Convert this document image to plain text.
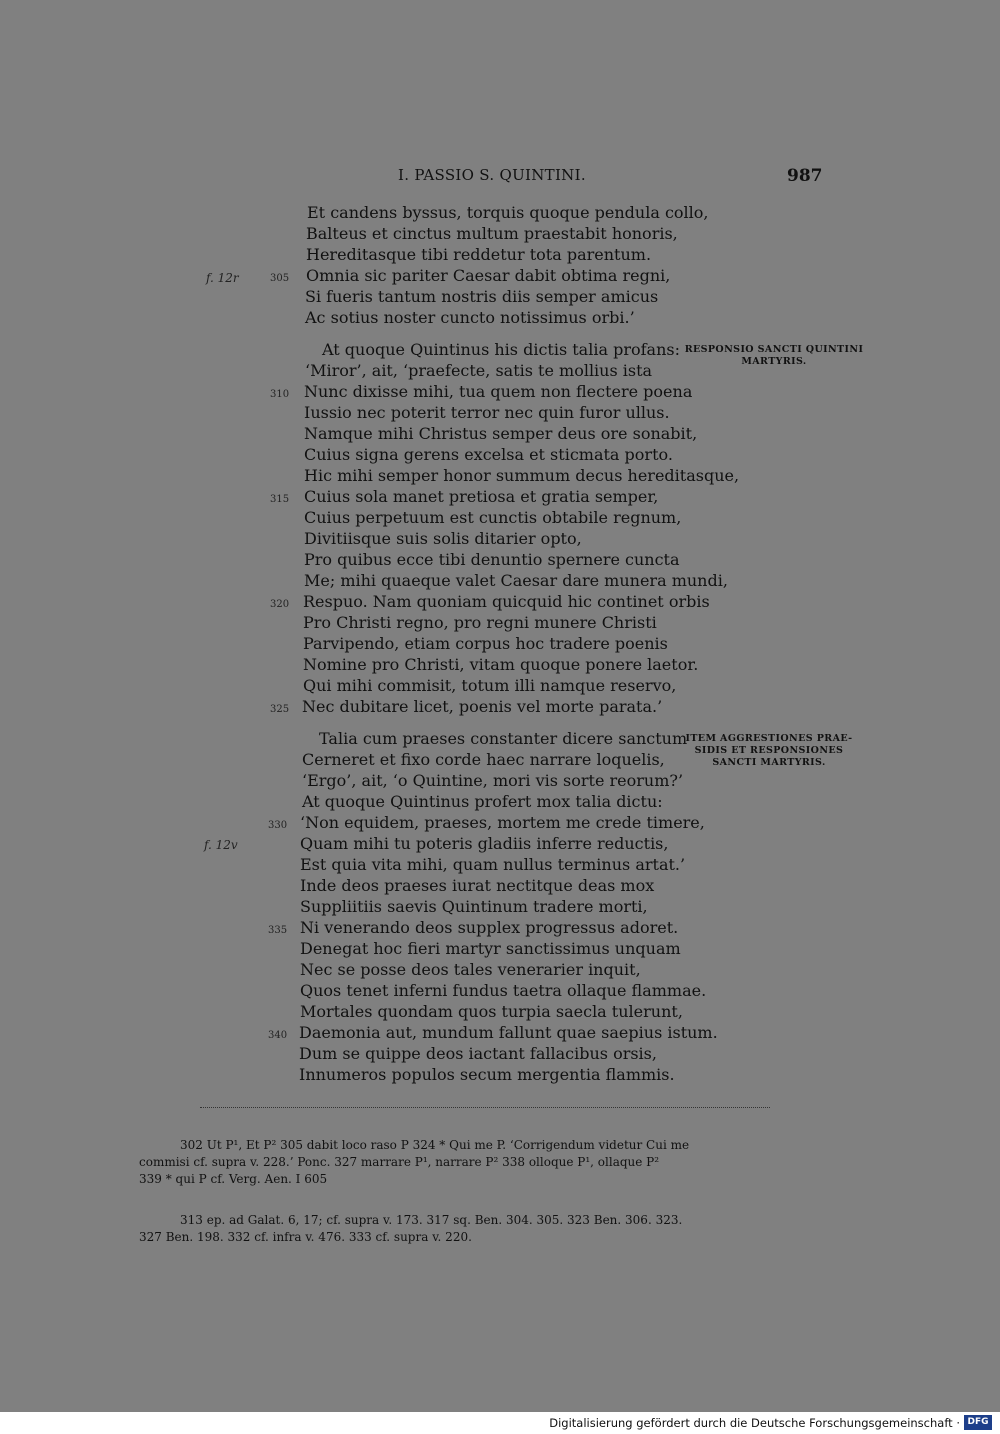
I. PASSIO S. QUINTINI.	987
f. 12r
f. 12v
305
310
315
320
325
330
335
340
Et candens byssus, torquis quoque pendula collo,
Balteus et cinctus multum praestabit honoris,
Hereditasque tibi reddetur tota parentum.
Omnia sic pariter Caesar dabit obtima regni,
Si fueris tantum nostris diis semper amicus
Ac sotius noster cuncto notissimus orbi.’
At quoque Quintinus his dictis talia profans:
‘Miror’, ait, ‘praefecte, satis te mollius ista
Nunc dixisse mihi, tua quem non flectere poena
Iussio nec poterit terror nec quin furor ullus.
Namque mihi Christus semper deus ore sonabit,
Cuius signa gerens excelsa et sticmata porto.
Hic mihi semper honor summum decus hereditasque,
Cuius sola manet pretiosa et gratia semper,
Cuius perpetuum est cunctis obtabile regnum,
Divitiisque suis solis ditarier opto,
Pro quibus ecce tibi denuntio spernere cuncta
Me; mihi quaeque valet Caesar dare munera mundi,
Respuo. Nam quoniam quicquid hic continet orbis
Pro Christi regno, pro regni munere Christi
Parvipendo, etiam corpus hoc tradere poenis
Nomine pro Christi, vitam quoque ponere laetor.
Qui mihi commisit, totum illi namque reservo,
Nec dubitare licet, poenis vel morte parata.’
Talia cum praeses constanter dicere sanctum
Cerneret et fixo corde haec narrare loquelis,
‘Ergo’, ait, ‘o Quintine, mori vis sorte reorum?’
At quoque Quintinus profert mox talia dictu:
‘Non equidem, praeses, mortem me crede timere,
Quam mihi tu poteris gladiis inferre reductis,
Est quia vita mihi, quam nullus terminus artat.’
Inde deos praeses iurat nectitque deas mox
Suppliitiis saevis Quintinum tradere morti,
Ni venerando deos supplex progressus adoret.
Denegat hoc fieri martyr sanctissimus unquam
Nec se posse deos tales venerarier inquit,
Quos tenet inferni fundus taetra ollaque flammae.
Mortales quondam quos turpia saecla tulerunt,
Daemonia aut, mundum fallunt quae saepius istum.
Dum se quippe deos iactant fallacibus orsis,
Innumeros populos secum mergentia flammis.
RESPONSIO SANCTI QUINTINI
MARTYRIS.
ITEM AGGRESTIONES PRAE-
SIDIS ET RESPONSIONES
SANCTI MARTYRIS.
302 Ut P¹, Et P² 305 dabit loco raso P 324 * Qui me P. ‘Corrigendum videtur Cui me
commisi cf. supra v. 228.’ Ponc. 327 marrare P¹, narrare P² 338 olloque P¹, ollaque P²
339 * qui P cf. Verg. Aen. I 605
313 ep. ad Galat. 6, 17; cf. supra v. 173. 317 sq. Ben. 304. 305. 323 Ben. 306. 323.
327 Ben. 198. 332 cf. infra v. 476. 333 cf. supra v. 220.
Digitalisierung gefördert durch die Deutsche Forschungsgemeinschaft · DFG
